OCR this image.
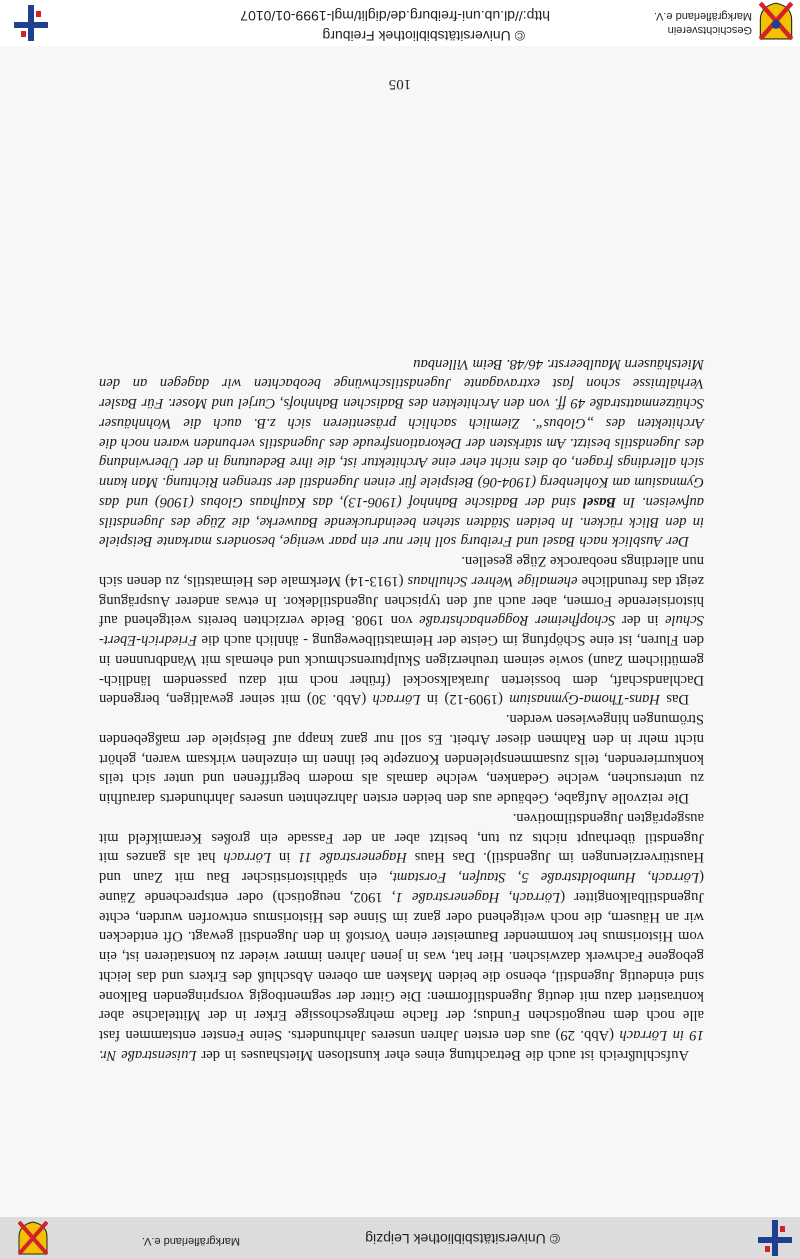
© Universitätsbibliothek Leipzig
Markgräflerland e.V.

Aufschlußreich ist auch die Betrachtung eines eher kunstlosen Mietshauses in der Luisenstraße Nr. 19 in Lörrach (Abb. 29) aus den ersten Jahren unseres Jahrhunderts. Seine Fenster entstammen fast alle noch dem neugotischen Fundus; der flache mehrgeschossige Erker in der Mittelachse aber kontrastiert dazu mit deutig Jugendstilformen: Die Gitter der segmentbogig vorspringenden Balkone sind eindeutig Jugendstil, ebenso die beiden Masken am oberen Abschluß des Erkers und das leicht gebogene Fachwerk dazwischen. Hier hat, was in jenen Jahren immer wieder zu konstatieren ist, ein vom Historismus her kommender Baumeister einen Vorstoß in den Jugendstil gewagt. Oft entdecken wir an Häusern, die noch weitgehend oder ganz im Sinne des Historismus entworfen wurden, echte Jugendstilbalkongitter (Lörrach, Hagenerstraße 1, 1902, neugotisch) oder entsprechende Zäune (Lörrach, Humboldtstraße 5, Staufen, Forstamt, ein späthistoristischer Bau mit Zaun und Haustürverzierungen im Jugendstil). Das Haus Hagenerstraße 11 in Lörrach hat als ganzes mit Jugendstil überhaupt nichts zu tun, besitzt aber an der Fassade ein großes Keramikfeld mit ausgeprägten Jugendstilmotiven.

Die reizvolle Aufgabe, Gebäude aus den beiden ersten Jahrzehnten unseres Jahrhunderts daraufhin zu untersuchen, welche Gedanken, welche damals als modern begriffenen und unter sich teils konkurrierenden, teils zusammenspielenden Konzepte bei ihnen im einzelnen wirksam waren, gehört nicht mehr in den Rahmen dieser Arbeit. Es soll nur ganz knapp auf Beispiele der maßgebenden Strömungen hingewiesen werden.

Das Hans-Thoma-Gymnasium (1909-12) in Lörrach (Abb. 30) mit seiner gewaltigen, bergenden Dachlandschaft, dem bossierten Jurakalksockel (früher noch mit dazu passendem ländlich-gemütlichem Zaun) sowie seinem treuherzigen Skulpturenschmuck und ehemals mit Wandbrunnen in den Fluren, ist eine Schöpfung im Geiste der Heimatstilbewegung - ähnlich auch die Friedrich-Ebert-Schule in der Schopfheimer Roggenbachstraße von 1908. Beide verzichten bereits weitgehend auf historisierende Formen, aber auch auf den typischen Jugendstildekor. In etwas anderer Ausprägung zeigt das freundliche ehemalige Wehrer Schulhaus (1913-14) Merkmale des Heimatstils, zu denen sich nun allerdings neobarocke Züge gesellen.

Der Ausblick nach Basel und Freiburg soll hier nur ein paar wenige, besonders markante Beispiele in den Blick rücken. In beiden Städten stehen beeindruckende Bauwerke, die Züge des Jugendstils aufweisen. In Basel sind der Badische Bahnhof (1906-13), das Kaufhaus Globus (1906) und das Gymnasium am Kohlenberg (1904-06) Beispiele für einen Jugendstil der strengen Richtung. Man kann sich allerdings fragen, ob dies nicht eher eine Architektur ist, die ihre Bedeutung in der Überwindung des Jugendstils besitzt. Am stärksten der Dekorationsfreude des Jugendstils verbunden waren noch die Architekten des „Globus“. Ziemlich sachlich präsentieren sich z.B. auch die Wohnhäuser Schützenmattstraße 49 ff. von den Architekten des Badischen Bahnhofs, Curjel und Moser. Für Basler Verhältnisse schon fast extravagante Jugendstilschwünge beobachten wir dagegen an den Mietshäusern Maulbeerstr. 46/48. Beim Villenbau

105
Geschichtsverein
Markgräflerland e.V.
© Universitätsbibliothek Freiburg
http://dl.ub.uni-freiburg.de/diglit/mgl-1999-01/0107
